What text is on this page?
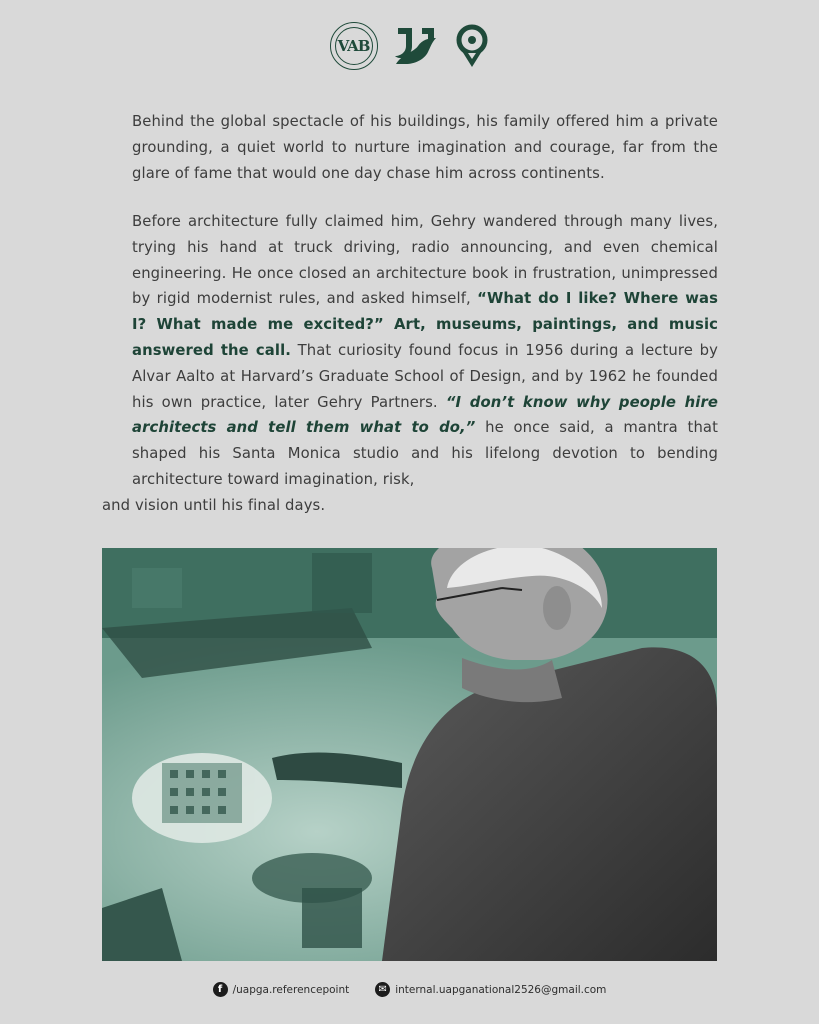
VAB

Behind the global spectacle of his buildings, his family offered him a private grounding, a quiet world to nurture imagination and courage, far from the glare of fame that would one day chase him across continents.

Before architecture fully claimed him, Gehry wandered through many lives, trying his hand at truck driving, radio announcing, and even chemical engineering. He once closed an architecture book in frustration, unimpressed by rigid modernist rules, and asked himself, “What do I like? Where was I? What made me excited?” Art, museums, paintings, and music answered the call. That curiosity found focus in 1956 during a lecture by Alvar Aalto at Harvard’s Graduate School of Design, and by 1962 he founded his own practice, later Gehry Partners. “I don’t know why people hire architects and tell them what to do,” he once said, a mantra that shaped his Santa Monica studio and his lifelong devotion to bending architecture toward imagination, risk,

and vision until his final days.

f /uapga.referencepoint	✉ internal.uapganational2526@gmail.com
